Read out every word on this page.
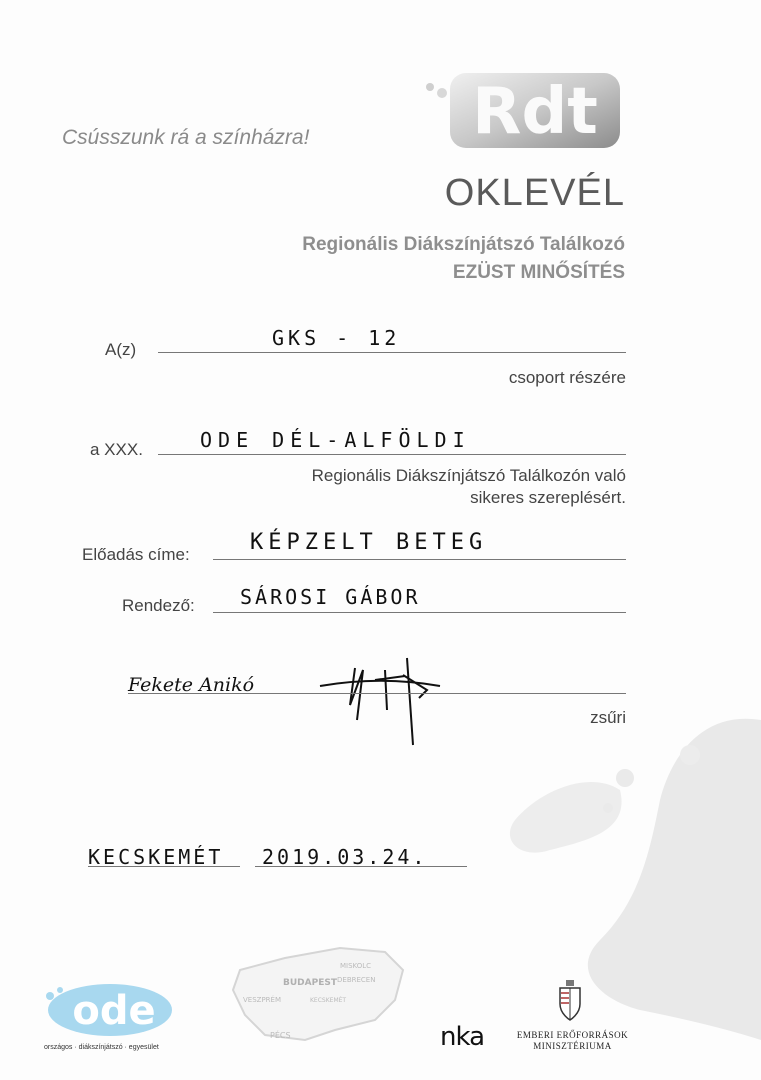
Rdt
Csússzunk rá a színházra!
OKLEVÉL
Regionális Diákszínjátszó Találkozó
EZÜST MINŐSÍTÉS
A(z)	GKS - 12
csoport részére
a XXX.	ODE DÉL-ALFÖLDI
Regionális Diákszínjátszó Találkozón való
sikeres szereplésért.
Előadás címe:	KÉPZELT BETEG
Rendező: SÁROSI GÁBOR
Fekete Anikó
zsűri
KECSKEMÉT 2019.03.24.
ode
országos · diákszínjátszó · egyesület
MISKOLC
BUDAPEST DEBRECEN
VESZPRÉM	KECSKEMÉT
PÉCS	nka	EMBERI ERŐFORRÁSOK
MINISZTÉRIUMA
